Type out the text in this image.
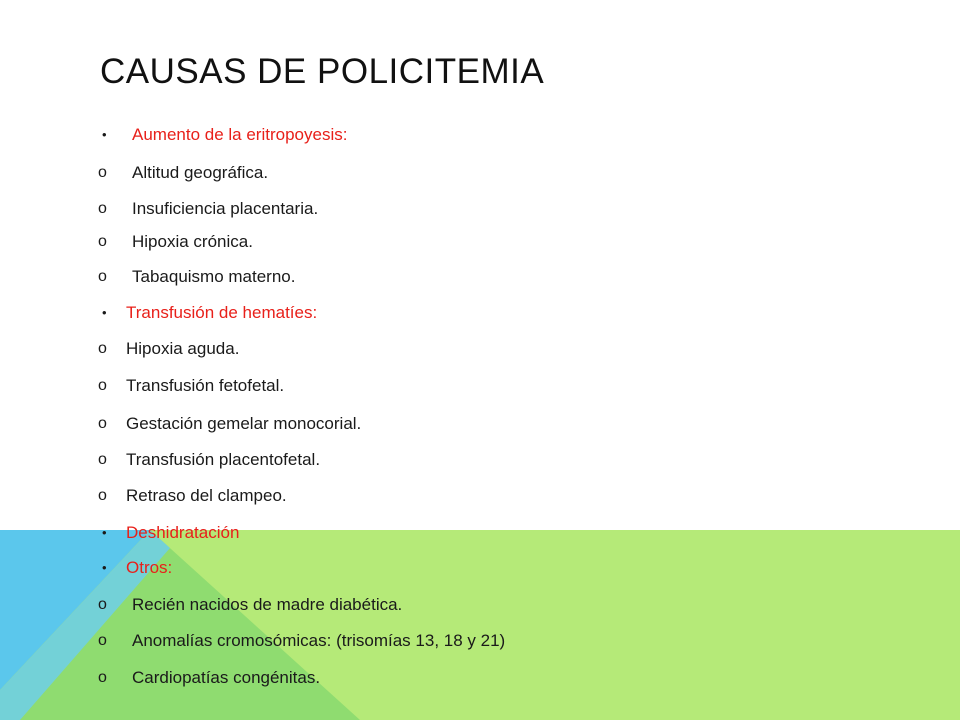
CAUSAS DE POLICITEMIA
• Aumento de la eritropoyesis:
o Altitud geográfica.
o Insuficiencia placentaria.
o Hipoxia crónica.
o Tabaquismo materno.
• Transfusión de hematíes:
o Hipoxia aguda.
o Transfusión fetofetal.
o Gestación gemelar monocorial.
o Transfusión placentofetal.
o Retraso del clampeo.
• Deshidratación
• Otros:
o Recién nacidos de madre diabética.
o Anomalías cromosómicas: (trisomías 13, 18 y 21)
o Cardiopatías congénitas.
